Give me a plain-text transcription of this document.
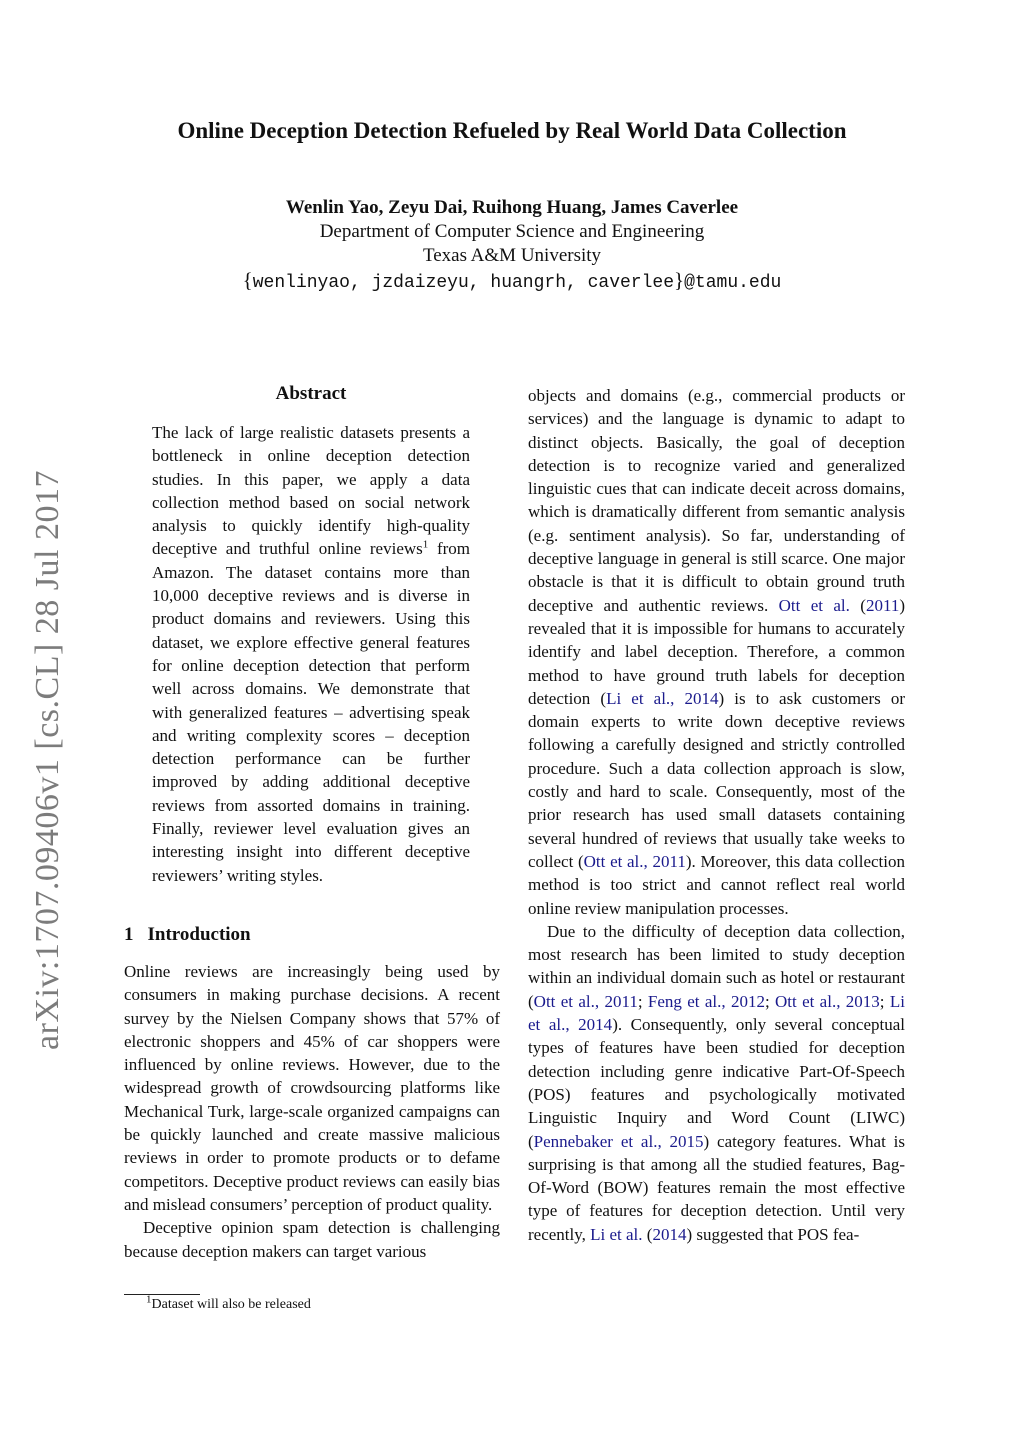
arXiv:1707.09406v1 [cs.CL] 28 Jul 2017
Online Deception Detection Refueled by Real World Data Collection
Wenlin Yao, Zeyu Dai, Ruihong Huang, James Caverlee
Department of Computer Science and Engineering
Texas A&M University
{wenlinyao, jzdaizeyu, huangrh, caverlee}@tamu.edu
Abstract

The lack of large realistic datasets presents a bottleneck in online deception detection studies. In this paper, we apply a data collection method based on social network analysis to quickly identify high-quality deceptive and truthful online reviews$^1$ from Amazon. The dataset contains more than 10,000 deceptive reviews and is diverse in product domains and reviewers. Using this dataset, we explore effective general features for online deception detection that perform well across domains. We demonstrate that with generalized features – advertising speak and writing complexity scores – deception detection performance can be further improved by adding additional deceptive reviews from assorted domains in training. Finally, reviewer level evaluation gives an interesting insight into different deceptive reviewers’ writing styles.

1 Introduction

Online reviews are increasingly being used by consumers in making purchase decisions. A recent survey by the Nielsen Company shows that 57% of electronic shoppers and 45% of car shoppers were influenced by online reviews. However, due to the widespread growth of crowdsourcing platforms like Mechanical Turk, large-scale organized campaigns can be quickly launched and create massive malicious reviews in order to promote products or to defame competitors. Deceptive product reviews can easily bias and mislead consumers’ perception of product quality.

Deceptive opinion spam detection is challenging because deception makers can target various

objects and domains (e.g., commercial products or services) and the language is dynamic to adapt to distinct objects. Basically, the goal of deception detection is to recognize varied and generalized linguistic cues that can indicate deceit across domains, which is dramatically different from semantic analysis (e.g. sentiment analysis). So far, understanding of deceptive language in general is still scarce. One major obstacle is that it is difficult to obtain ground truth deceptive and authentic reviews. Ott et al. (2011) revealed that it is impossible for humans to accurately identify and label deception. Therefore, a common method to have ground truth labels for deception detection (Li et al., 2014) is to ask customers or domain experts to write down deceptive reviews following a carefully designed and strictly controlled procedure. Such a data collection approach is slow, costly and hard to scale. Consequently, most of the prior research has used small datasets containing several hundred of reviews that usually take weeks to collect (Ott et al., 2011). Moreover, this data collection method is too strict and cannot reflect real world online review manipulation processes.

Due to the difficulty of deception data collection, most research has been limited to study deception within an individual domain such as hotel or restaurant (Ott et al., 2011; Feng et al., 2012; Ott et al., 2013; Li et al., 2014). Consequently, only several conceptual types of features have been studied for deception detection including genre indicative Part-Of-Speech (POS) features and psychologically motivated Linguistic Inquiry and Word Count (LIWC) (Pennebaker et al., 2015) category features. What is surprising is that among all the studied features, Bag-Of-Word (BOW) features remain the most effective type of features for deception detection. Until very recently, Li et al. (2014) suggested that POS fea-

$^1$Dataset will also be released
